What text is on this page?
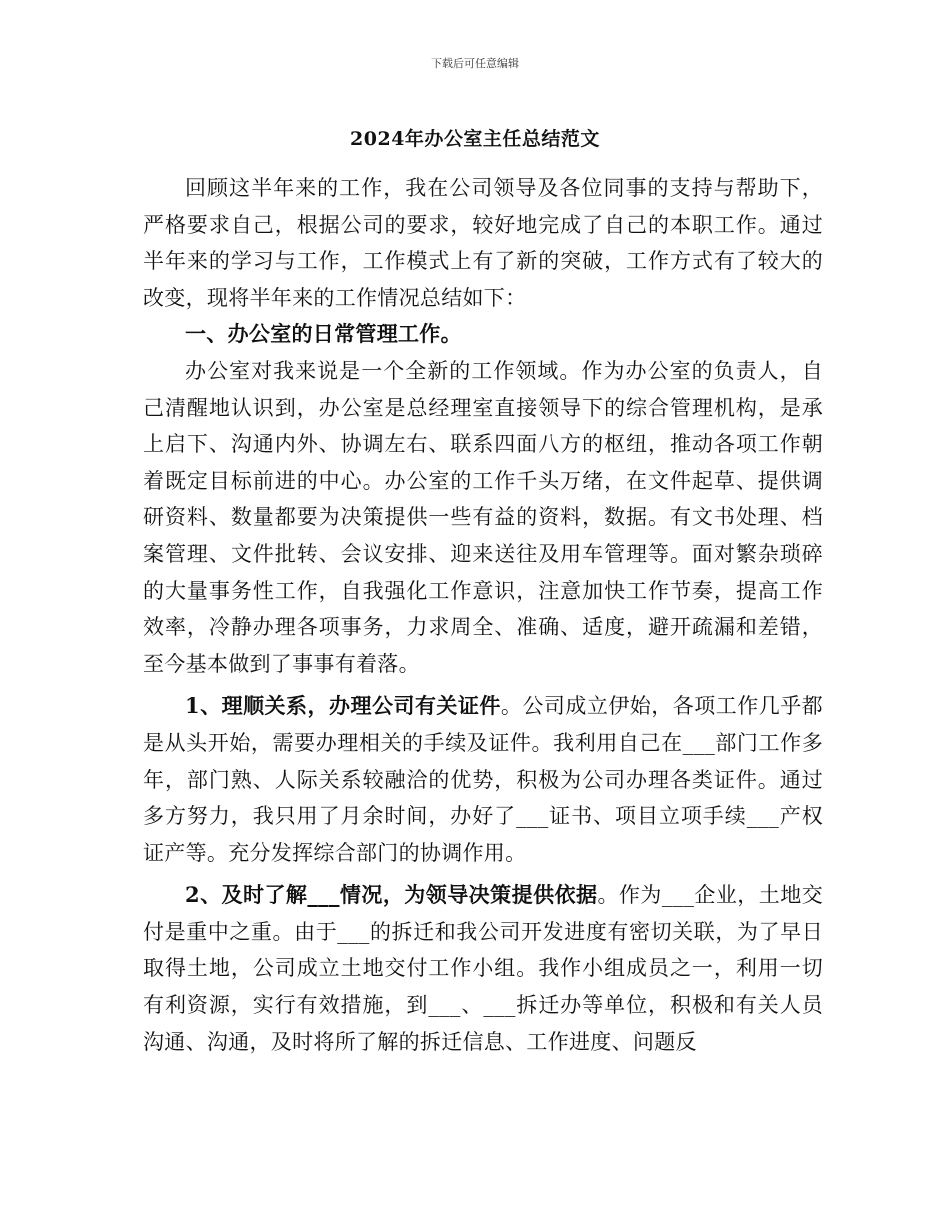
下载后可任意编辑
2024年办公室主任总结范文

回顾这半年来的工作，我在公司领导及各位同事的支持与帮助下，严格要求自己，根据公司的要求，较好地完成了自己的本职工作。通过半年来的学习与工作，工作模式上有了新的突破，工作方式有了较大的改变，现将半年来的工作情况总结如下：

一、办公室的日常管理工作。

办公室对我来说是一个全新的工作领域。作为办公室的负责人，自己清醒地认识到，办公室是总经理室直接领导下的综合管理机构，是承上启下、沟通内外、协调左右、联系四面八方的枢纽，推动各项工作朝着既定目标前进的中心。办公室的工作千头万绪，在文件起草、提供调研资料、数量都要为决策提供一些有益的资料，数据。有文书处理、档案管理、文件批转、会议安排、迎来送往及用车管理等。面对繁杂琐碎的大量事务性工作，自我强化工作意识，注意加快工作节奏，提高工作效率，冷静办理各项事务，力求周全、准确、适度，避开疏漏和差错，至今基本做到了事事有着落。

1、理顺关系，办理公司有关证件。公司成立伊始，各项工作几乎都是从头开始，需要办理相关的手续及证件。我利用自己在___部门工作多年，部门熟、人际关系较融洽的优势，积极为公司办理各类证件。通过多方努力，我只用了月余时间，办好了___证书、项目立项手续___产权证产等。充分发挥综合部门的协调作用。

2、及时了解___情况，为领导决策提供依据。作为___企业，土地交付是重中之重。由于___的拆迁和我公司开发进度有密切关联，为了早日取得土地，公司成立土地交付工作小组。我作小组成员之一，利用一切有利资源，实行有效措施，到___、___拆迁办等单位，积极和有关人员沟通、沟通，及时将所了解的拆迁信息、工作进度、问题反
